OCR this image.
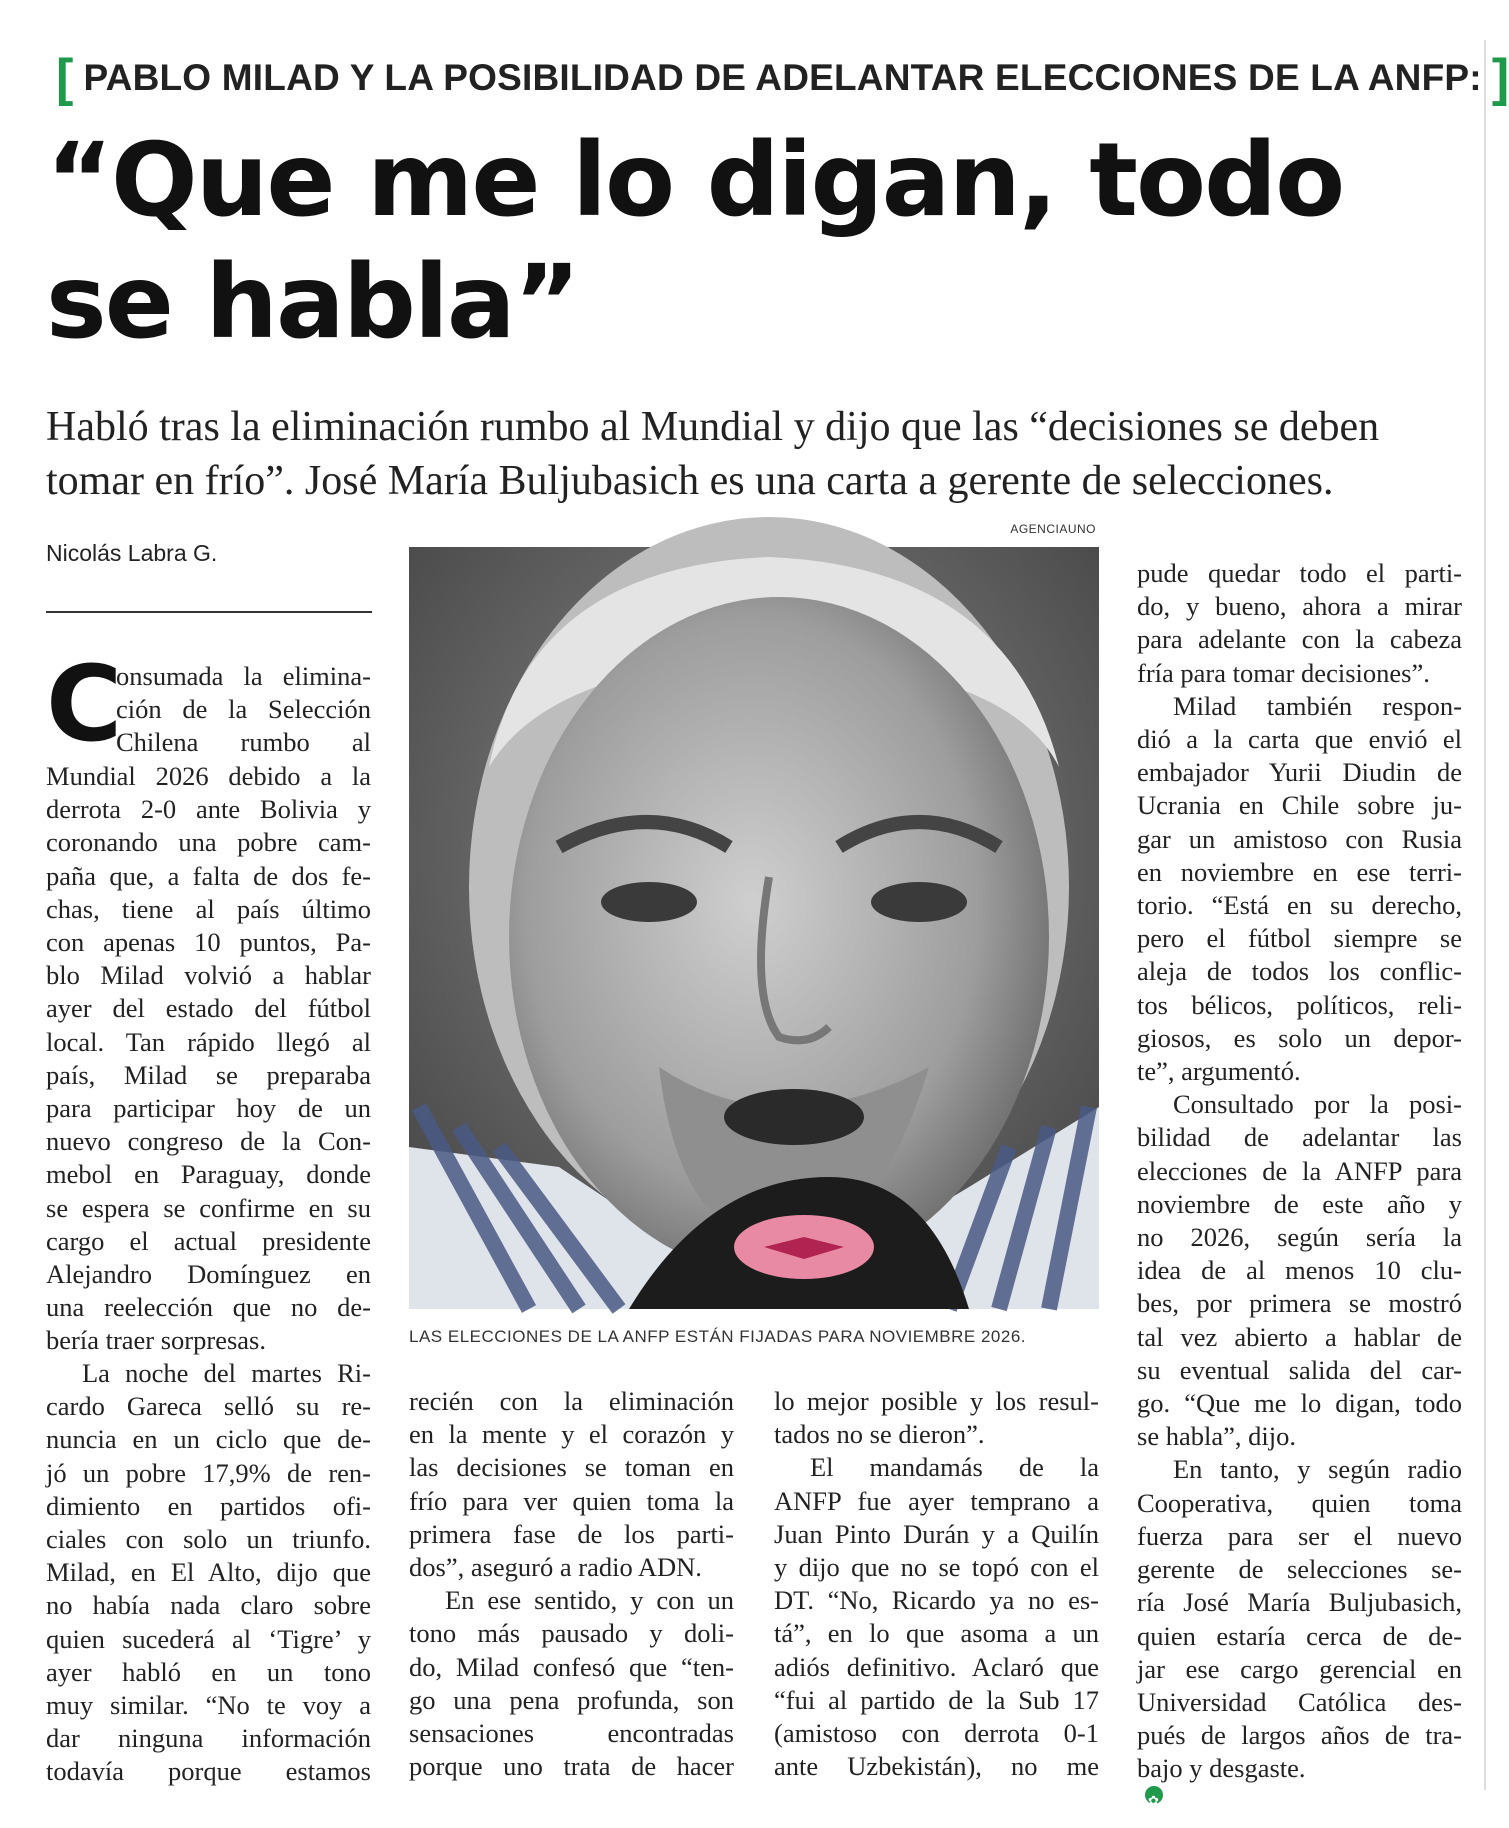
[ PABLO MILAD Y LA POSIBILIDAD DE ADELANTAR ELECCIONES DE LA ANFP: ]
“Que me lo digan, todo
se habla”
Habló tras la eliminación rumbo al Mundial y dijo que las “decisiones se deben
tomar en frío”. José María Buljubasich es una carta a gerente de selecciones.
Nicolás Labra G.
AGENCIAUNO
LAS ELECCIONES DE LA ANFP ESTÁN FIJADAS PARA NOVIEMBRE 2026.
C
onsumada la elimina-
ción de la Selección
Chilena rumbo al
Mundial 2026 debido a la
derrota 2-0 ante Bolivia y
coronando una pobre cam-
paña que, a falta de dos fe-
chas, tiene al país último
con apenas 10 puntos, Pa-
blo Milad volvió a hablar
ayer del estado del fútbol
local. Tan rápido llegó al
país, Milad se preparaba
para participar hoy de un
nuevo congreso de la Con-
mebol en Paraguay, donde
se espera se confirme en su
cargo el actual presidente
Alejandro Domínguez en
una reelección que no de-
bería traer sorpresas.
La noche del martes Ri-
cardo Gareca selló su re-
nuncia en un ciclo que de-
jó un pobre 17,9% de ren-
dimiento en partidos ofi-
ciales con solo un triunfo.
Milad, en El Alto, dijo que
no había nada claro sobre
quien sucederá al ‘Tigre’ y
ayer habló en un tono
muy similar. “No te voy a
dar ninguna información
todavía porque estamos
recién con la eliminación
en la mente y el corazón y
las decisiones se toman en
frío para ver quien toma la
primera fase de los parti-
dos”, aseguró a radio ADN.
En ese sentido, y con un
tono más pausado y doli-
do, Milad confesó que “ten-
go una pena profunda, son
sensaciones encontradas
porque uno trata de hacer
lo mejor posible y los resul-
tados no se dieron”.
El mandamás de la
ANFP fue ayer temprano a
Juan Pinto Durán y a Quilín
y dijo que no se topó con el
DT. “No, Ricardo ya no es-
tá”, en lo que asoma a un
adiós definitivo. Aclaró que
“fui al partido de la Sub 17
(amistoso con derrota 0-1
ante Uzbekistán), no me
pude quedar todo el parti-
do, y bueno, ahora a mirar
para adelante con la cabeza
fría para tomar decisiones”.
Milad también respon-
dió a la carta que envió el
embajador Yurii Diudin de
Ucrania en Chile sobre ju-
gar un amistoso con Rusia
en noviembre en ese terri-
torio. “Está en su derecho,
pero el fútbol siempre se
aleja de todos los conflic-
tos bélicos, políticos, reli-
giosos, es solo un depor-
te”, argumentó.
Consultado por la posi-
bilidad de adelantar las
elecciones de la ANFP para
noviembre de este año y
no 2026, según sería la
idea de al menos 10 clu-
bes, por primera se mostró
tal vez abierto a hablar de
su eventual salida del car-
go. “Que me lo digan, todo
se habla”, dijo.
En tanto, y según radio
Cooperativa, quien toma
fuerza para ser el nuevo
gerente de selecciones se-
ría José María Buljubasich,
quien estaría cerca de de-
jar ese cargo gerencial en
Universidad Católica des-
pués de largos años de tra-
bajo y desgaste.
✿
